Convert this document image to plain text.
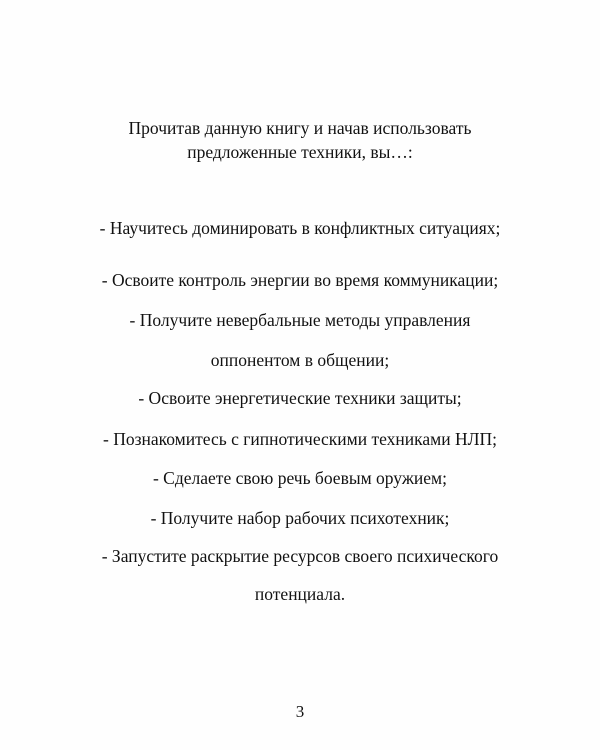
Прочитав данную книгу и начав использовать
предложенные техники, вы…:
- Научитесь доминировать в конфликтных ситуациях;
- Освоите контроль энергии во время коммуникации;
- Получите невербальные методы управления
оппонентом в общении;
- Освоите энергетические техники защиты;
- Познакомитесь с гипнотическими техниками НЛП;
- Сделаете свою речь боевым оружием;
- Получите набор рабочих психотехник;
- Запустите раскрытие ресурсов своего психического
потенциала.
3
